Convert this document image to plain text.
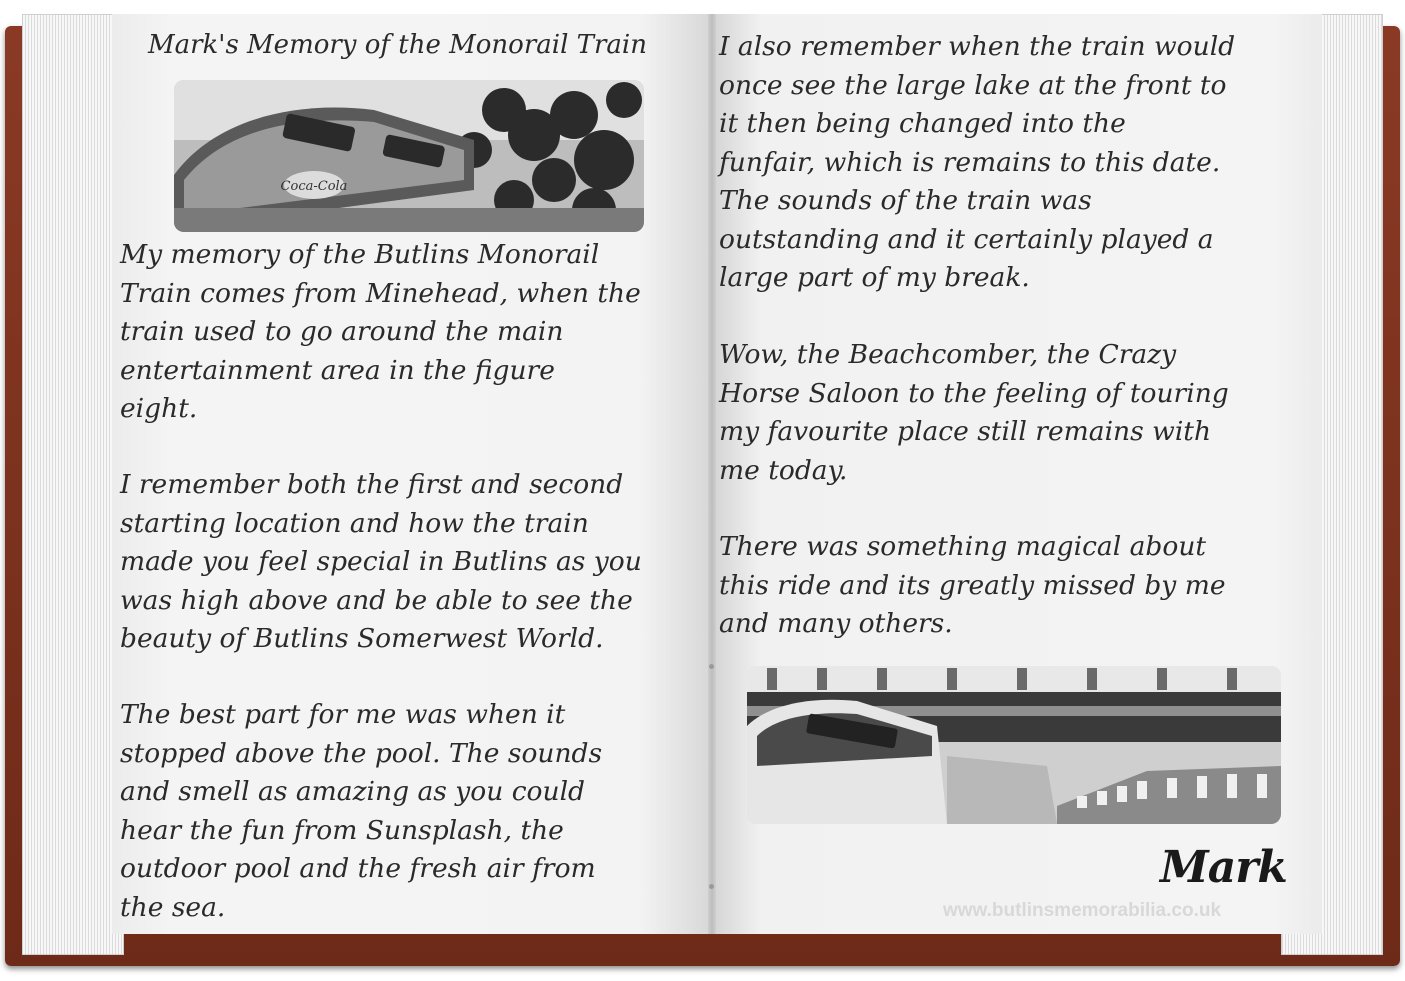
Mark's Memory of the Monorail Train
Coca-Cola

My memory of the Butlins Monorail
Train comes from Minehead, when the
train used to go around the main
entertainment area in the figure
eight.

I remember both the first and second
starting location and how the train
made you feel special in Butlins as you
was high above and be able to see the
beauty of Butlins Somerwest World.

The best part for me was when it
stopped above the pool. The sounds
and smell as amazing as you could
hear the fun from Sunsplash, the
outdoor pool and the fresh air from
the sea.

I also remember when the train would
once see the large lake at the front to
it then being changed into the
funfair, which is remains to this date.
The sounds of the train was
outstanding and it certainly played a
large part of my break.

Wow, the Beachcomber, the Crazy
Horse Saloon to the feeling of touring
my favourite place still remains with
me today.

There was something magical about
this ride and its greatly missed by me
and many others.

Mark
www.butlinsmemorabilia.co.uk
